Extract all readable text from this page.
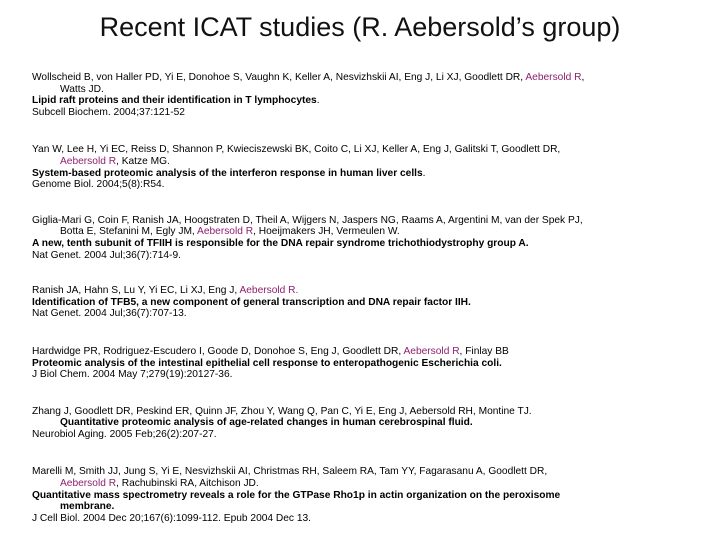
Recent ICAT studies (R. Aebersold’s group)
Wollscheid B, von Haller PD, Yi E, Donohoe S, Vaughn K, Keller A, Nesvizhskii AI, Eng J, Li XJ, Goodlett DR, Aebersold R,
Watts JD.
Lipid raft proteins and their identification in T lymphocytes.
Subcell Biochem. 2004;37:121-52
Yan W, Lee H, Yi EC, Reiss D, Shannon P, Kwieciszewski BK, Coito C, Li XJ, Keller A, Eng J, Galitski T, Goodlett DR,
Aebersold R, Katze MG.
System-based proteomic analysis of the interferon response in human liver cells.
Genome Biol. 2004;5(8):R54.
Giglia-Mari G, Coin F, Ranish JA, Hoogstraten D, Theil A, Wijgers N, Jaspers NG, Raams A, Argentini M, van der Spek PJ,
Botta E, Stefanini M, Egly JM, Aebersold R, Hoeijmakers JH, Vermeulen W.
A new, tenth subunit of TFIIH is responsible for the DNA repair syndrome trichothiodystrophy group A.
Nat Genet. 2004 Jul;36(7):714-9.
Ranish JA, Hahn S, Lu Y, Yi EC, Li XJ, Eng J, Aebersold R.
Identification of TFB5, a new component of general transcription and DNA repair factor IIH.
Nat Genet. 2004 Jul;36(7):707-13.
Hardwidge PR, Rodriguez-Escudero I, Goode D, Donohoe S, Eng J, Goodlett DR, Aebersold R, Finlay BB
Proteomic analysis of the intestinal epithelial cell response to enteropathogenic Escherichia coli.
J Biol Chem. 2004 May 7;279(19):20127-36.
Zhang J, Goodlett DR, Peskind ER, Quinn JF, Zhou Y, Wang Q, Pan C, Yi E, Eng J, Aebersold RH, Montine TJ.
Quantitative proteomic analysis of age-related changes in human cerebrospinal fluid.
Neurobiol Aging. 2005 Feb;26(2):207-27.
Marelli M, Smith JJ, Jung S, Yi E, Nesvizhskii AI, Christmas RH, Saleem RA, Tam YY, Fagarasanu A, Goodlett DR,
Aebersold R, Rachubinski RA, Aitchison JD.
Quantitative mass spectrometry reveals a role for the GTPase Rho1p in actin organization on the peroxisome
membrane.
J Cell Biol. 2004 Dec 20;167(6):1099-112. Epub 2004 Dec 13.
